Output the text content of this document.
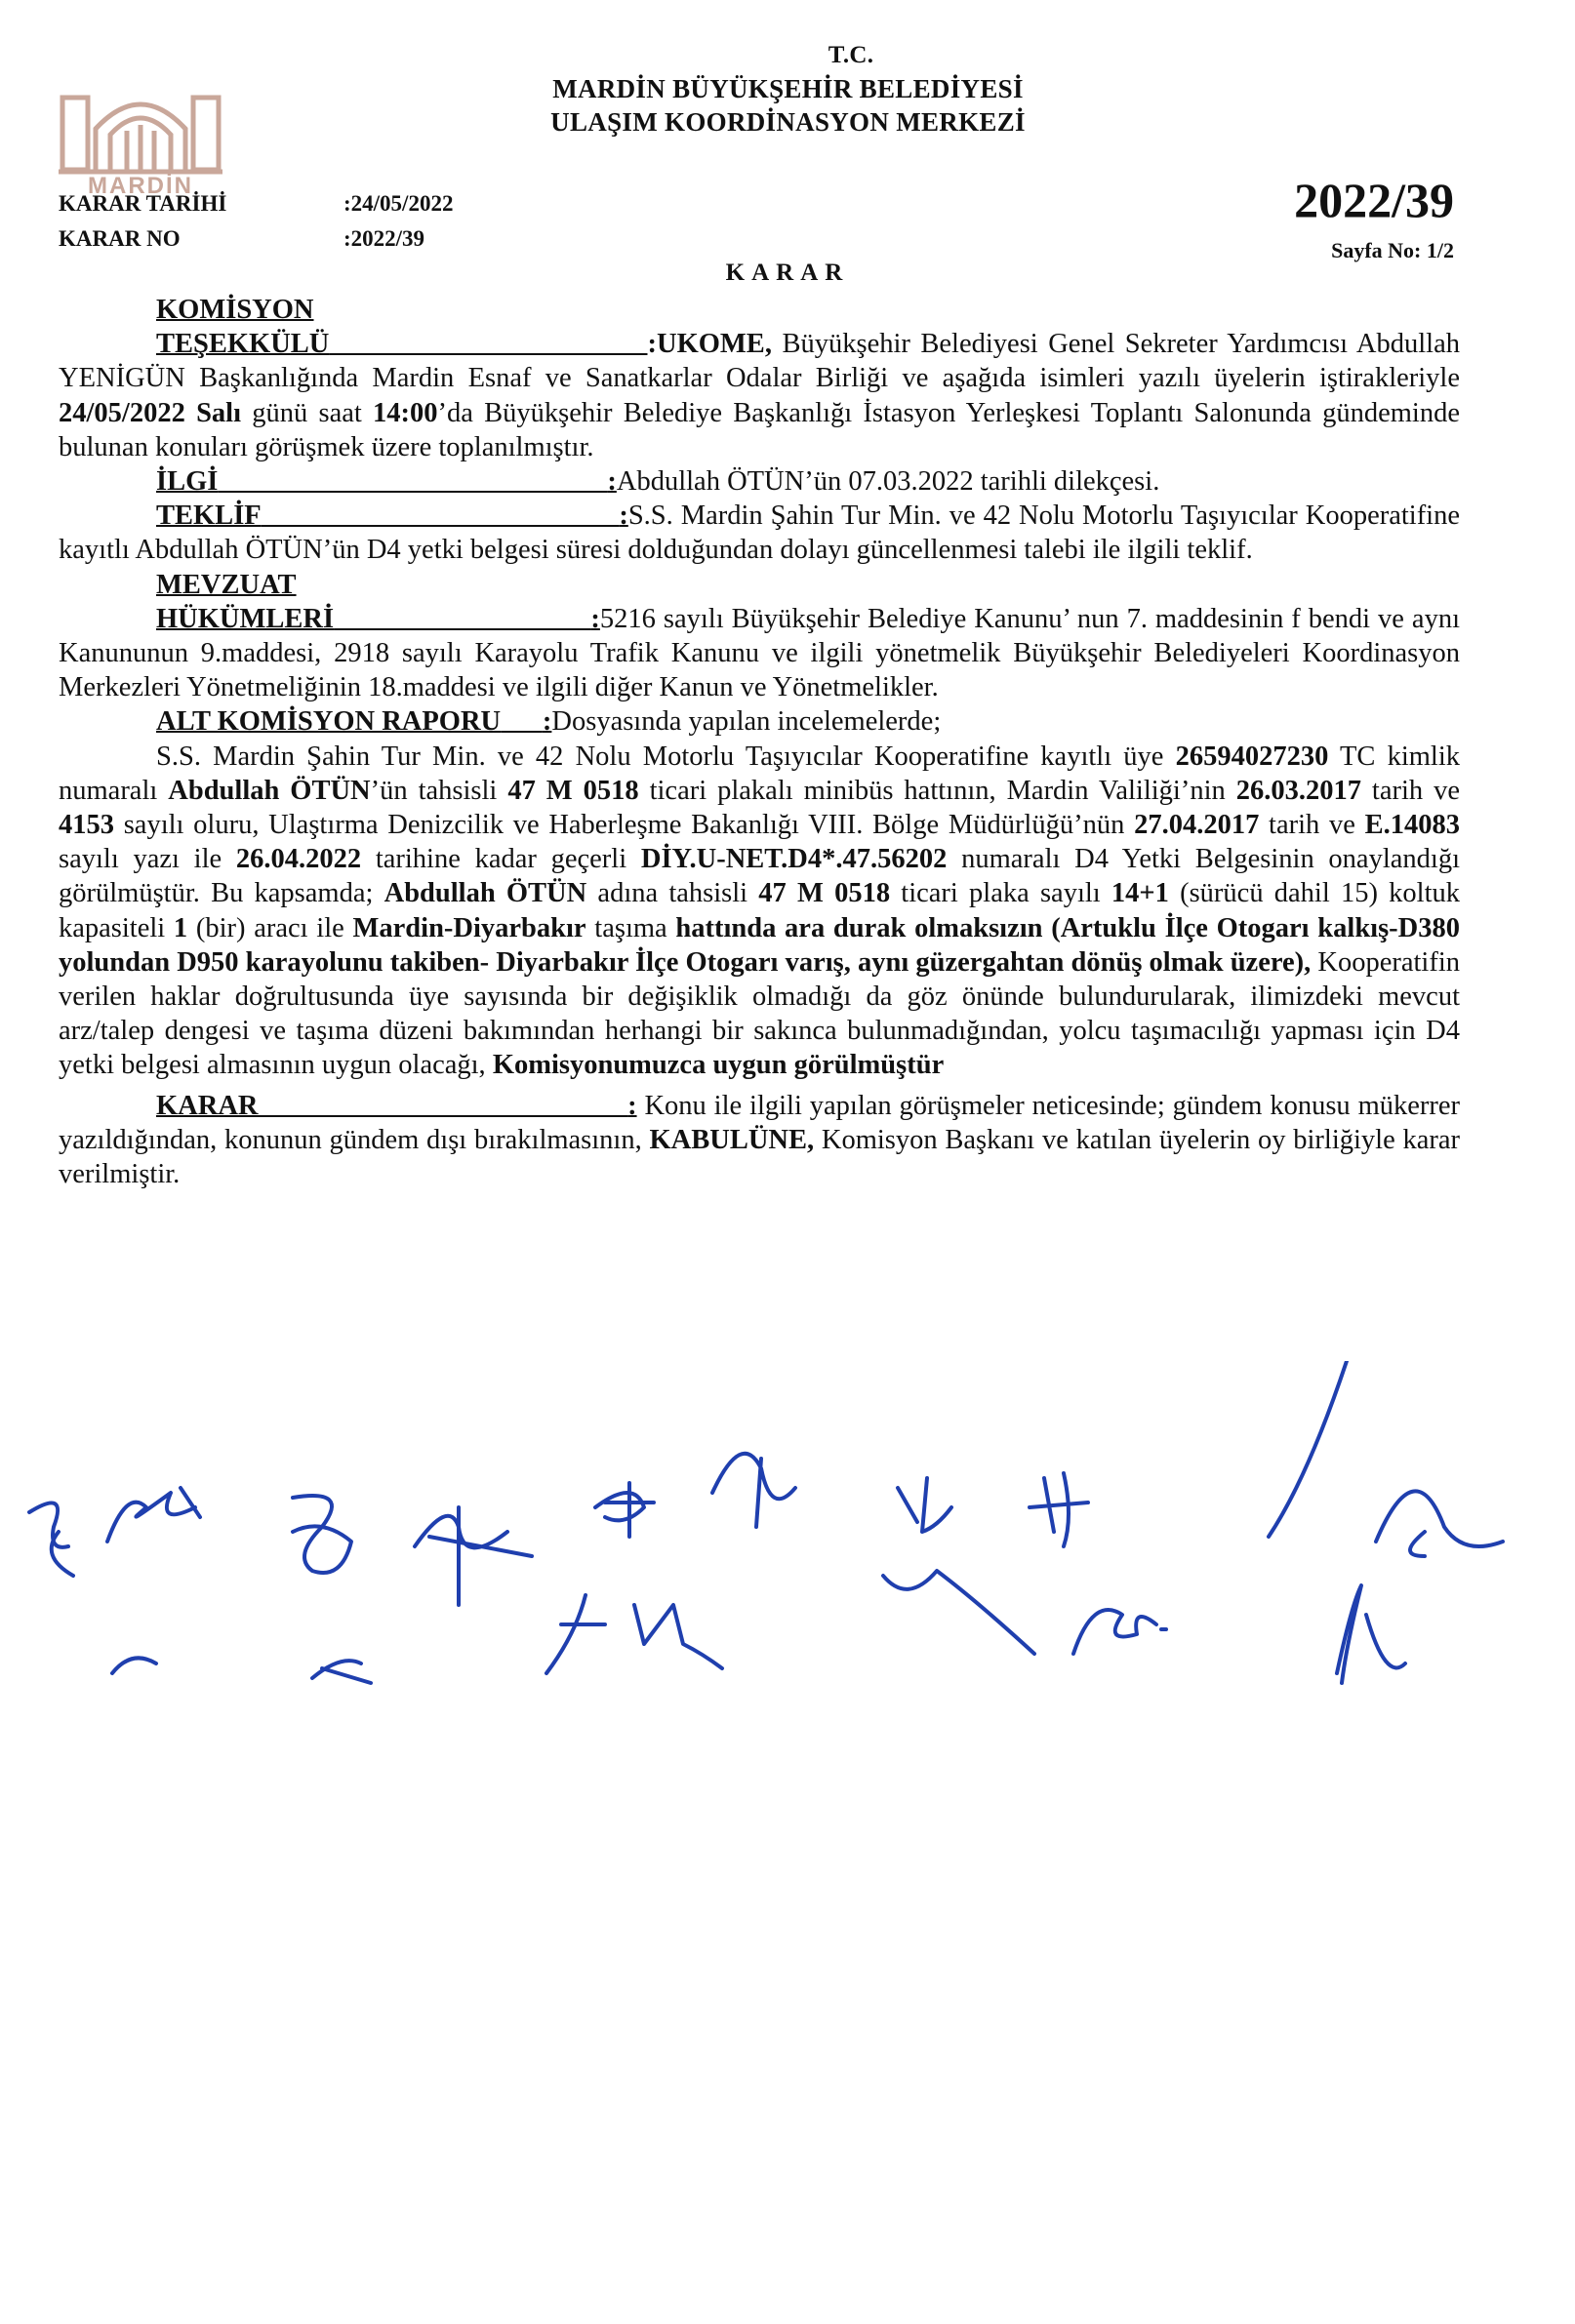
MARDİN
T.C.
MARDİN BÜYÜKŞEHİR BELEDİYESİ
ULAŞIM KOORDİNASYON MERKEZİ
KARAR TARİHİ	:24/05/2022
KARAR NO	:2022/39
2022/39
Sayfa No: 1/2
KARAR

KOMİSYON
TEŞEKKÜLÜ	:UKOME, Büyükşehir Belediyesi Genel Sekreter Yardımcısı Abdullah YENİGÜN Başkanlığında Mardin Esnaf ve Sanatkarlar Odalar Birliği ve aşağıda isimleri yazılı üyelerin iştirakleriyle 24/05/2022 Salı günü saat 14:00’da Büyükşehir Belediye Başkanlığı İstasyon Yerleşkesi Toplantı Salonunda gündeminde bulunan konuları görüşmek üzere toplanılmıştır.

İLGİ	:Abdullah ÖTÜN’ün 07.03.2022 tarihli dilekçesi.

TEKLİF	:S.S. Mardin Şahin Tur Min. ve 42 Nolu Motorlu Taşıyıcılar Kooperatifine kayıtlı Abdullah ÖTÜN’ün D4 yetki belgesi süresi dolduğundan dolayı güncellenmesi talebi ile ilgili teklif.

MEVZUAT
HÜKÜMLERİ	:5216 sayılı Büyükşehir Belediye Kanunu’ nun 7. maddesinin f bendi ve aynı Kanununun 9.maddesi, 2918 sayılı Karayolu Trafik Kanunu ve ilgili yönetmelik Büyükşehir Belediyeleri Koordinasyon Merkezleri Yönetmeliğinin 18.maddesi ve ilgili diğer Kanun ve Yönetmelikler.

ALT KOMİSYON RAPORU :Dosyasında yapılan incelemelerde;

S.S. Mardin Şahin Tur Min. ve 42 Nolu Motorlu Taşıyıcılar Kooperatifine kayıtlı üye 26594027230 TC kimlik numaralı Abdullah ÖTÜN’ün tahsisli 47 M 0518 ticari plakalı minibüs hattının, Mardin Valiliği’nin 26.03.2017 tarih ve 4153 sayılı oluru, Ulaştırma Denizcilik ve Haberleşme Bakanlığı VIII. Bölge Müdürlüğü’nün 27.04.2017 tarih ve E.14083 sayılı yazı ile 26.04.2022 tarihine kadar geçerli DİY.U-NET.D4*.47.56202 numaralı D4 Yetki Belgesinin onaylandığı görülmüştür. Bu kapsamda; Abdullah ÖTÜN adına tahsisli 47 M 0518 ticari plaka sayılı 14+1 (sürücü dahil 15) koltuk kapasiteli 1 (bir) aracı ile Mardin-Diyarbakır taşıma hattında ara durak olmaksızın (Artuklu İlçe Otogarı kalkış-D380 yolundan D950 karayolunu takiben- Diyarbakır İlçe Otogarı varış, aynı güzergahtan dönüş olmak üzere), Kooperatifin verilen haklar doğrultusunda üye sayısında bir değişiklik olmadığı da göz önünde bulundurularak, ilimizdeki mevcut arz/talep dengesi ve taşıma düzeni bakımından herhangi bir sakınca bulunmadığından, yolcu taşımacılığı yapması için D4 yetki belgesi almasının uygun olacağı, Komisyonumuzca uygun görülmüştür

KARAR	: Konu ile ilgili yapılan görüşmeler neticesinde; gündem konusu mükerrer yazıldığından, konunun gündem dışı bırakılmasının, KABULÜNE, Komisyon Başkanı ve katılan üyelerin oy birliğiyle karar verilmiştir.
